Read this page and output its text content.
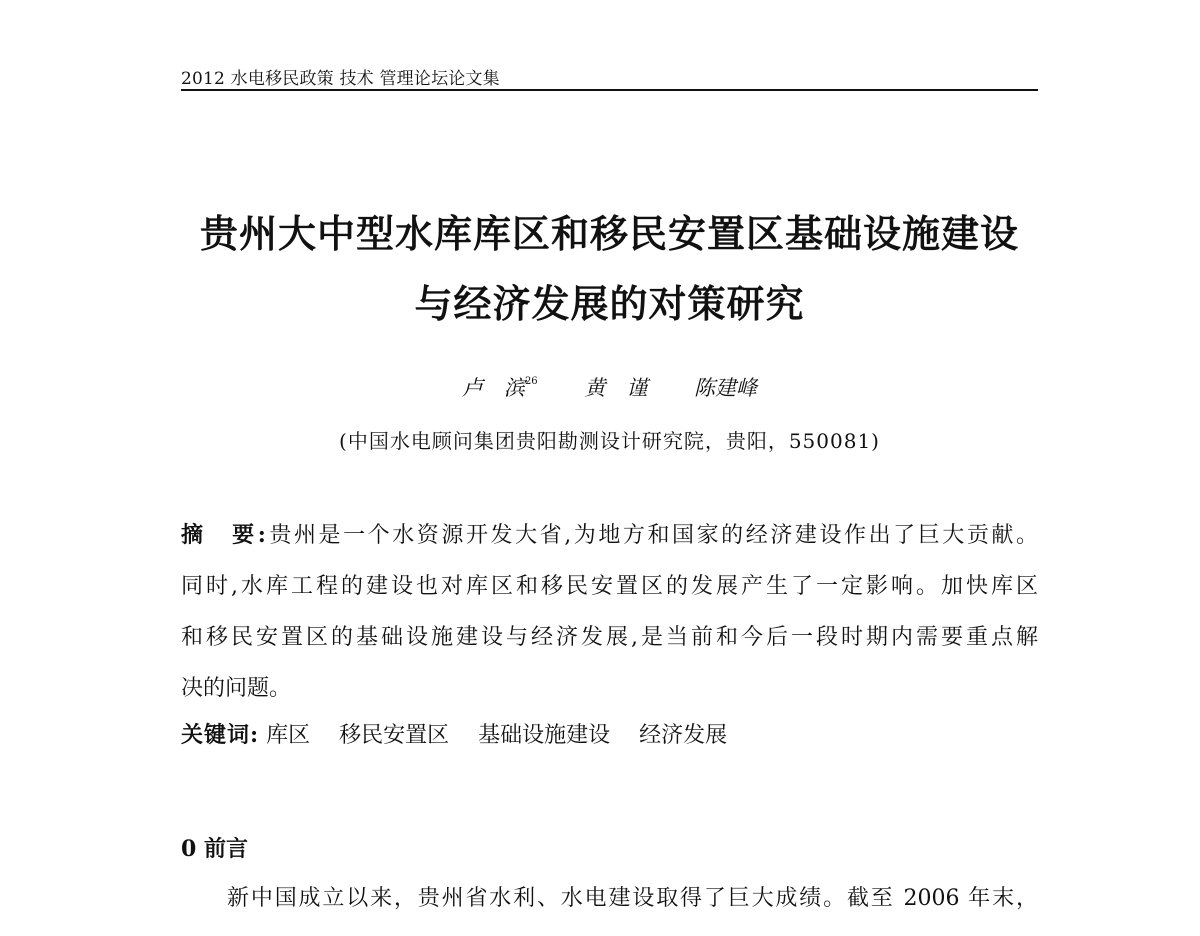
2012 水电移民政策 技术 管理论坛论文集
贵州大中型水库库区和移民安置区基础设施建设
与经济发展的对策研究
卢　滨$^{26}$ 黄　谨 陈建峰
(中国水电顾问集团贵阳勘测设计研究院，贵阳，550081)
摘　要:贵州是一个水资源开发大省,为地方和国家的经济建设作出了巨大贡献。
同时,水库工程的建设也对库区和移民安置区的发展产生了一定影响。加快库区
和移民安置区的基础设施建设与经济发展,是当前和今后一段时期内需要重点解
决的问题。
关键词: 库区 移民安置区 基础设施建设 经济发展
0 前言
新中国成立以来，贵州省水利、水电建设取得了巨大成绩。截至 2006 年末，
